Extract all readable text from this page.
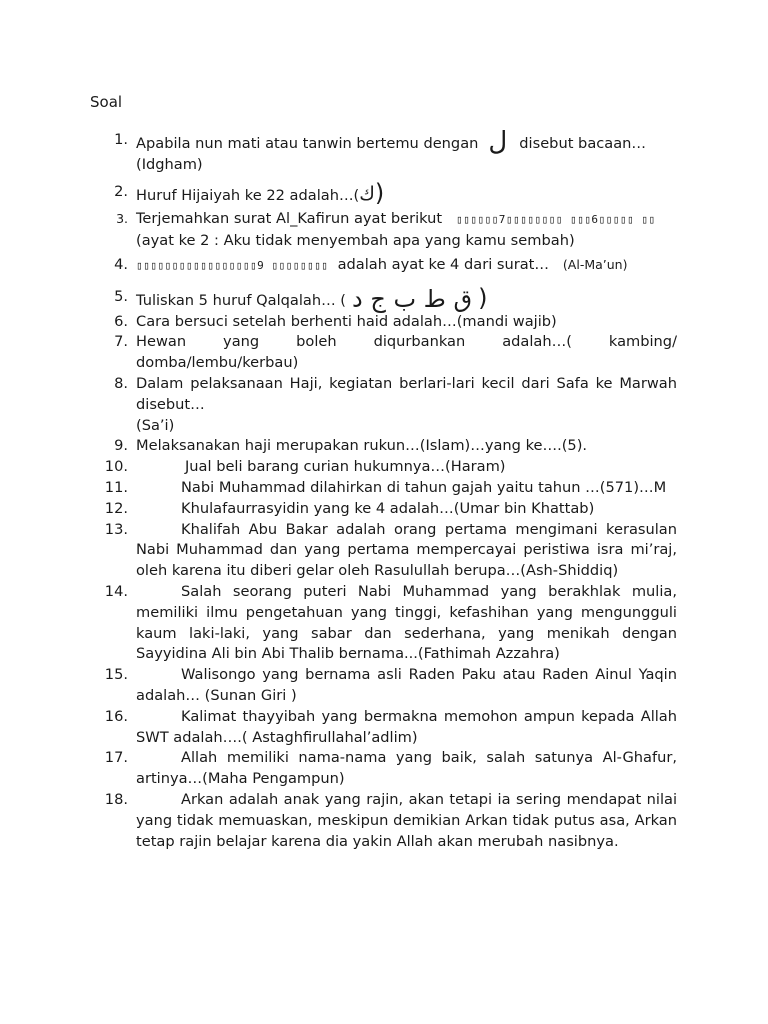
Soal
1. Apabila nun mati atau tanwin bertemu dengan ل disebut bacaan…
(Idgham)
2. Huruf Hijaiyah ke 22 adalah…(ك)
3. Terjemahkan surat Al_Kafirun ayat berikut ▯▯▯▯▯▯7▯▯▯▯▯▯▯▯ ▯▯▯6▯▯▯▯▯ ▯▯
(ayat ke 2 : Aku tidak menyembah apa yang kamu sembah)
4. ▯▯▯▯▯▯▯▯▯▯▯▯▯▯▯▯▯9 ▯▯▯▯▯▯▯▯ adalah ayat ke 4 dari surat… (Al-Ma’un)
5. Tuliskan 5 huruf Qalqalah… ( ق ط ب ج د )
6. Cara bersuci setelah berhenti haid adalah…(mandi wajib)
7. Hewan yang boleh diqurbankan adalah…( kambing/ domba/lembu/kerbau)
8. Dalam pelaksanaan Haji, kegiatan berlari-lari kecil dari Safa ke Marwah disebut…
(Sa’i)
9. Melaksanakan haji merupakan rukun…(Islam)…yang ke….(5).
10.	Jual beli barang curian hukumnya…(Haram)
11.	Nabi Muhammad dilahirkan di tahun gajah yaitu tahun …(571)…M
12.	Khulafaurrasyidin yang ke 4 adalah…(Umar bin Khattab)
13.	Khalifah Abu Bakar adalah orang pertama mengimani kerasulan Nabi Muhammad dan yang pertama mempercayai peristiwa isra mi’raj, oleh karena itu diberi gelar oleh Rasulullah berupa…(Ash-Shiddiq)
14.	Salah seorang puteri Nabi Muhammad yang berakhlak mulia, memiliki ilmu pengetahuan yang tinggi, kefashihan yang mengungguli kaum laki-laki, yang sabar dan sederhana, yang menikah dengan Sayyidina Ali bin Abi Thalib bernama...(Fathimah Azzahra)
15.	Walisongo yang bernama asli Raden Paku atau Raden Ainul Yaqin adalah… (Sunan Giri )
16.	Kalimat thayyibah yang bermakna memohon ampun kepada Allah SWT adalah….( Astaghfirullahal’adlim)
17.	Allah memiliki nama-nama yang baik, salah satunya Al-Ghafur, artinya…(Maha Pengampun)
18.	Arkan adalah anak yang rajin, akan tetapi ia sering mendapat nilai yang tidak memuaskan, meskipun demikian Arkan tidak putus asa, Arkan tetap rajin belajar karena dia yakin Allah akan merubah nasibnya.
